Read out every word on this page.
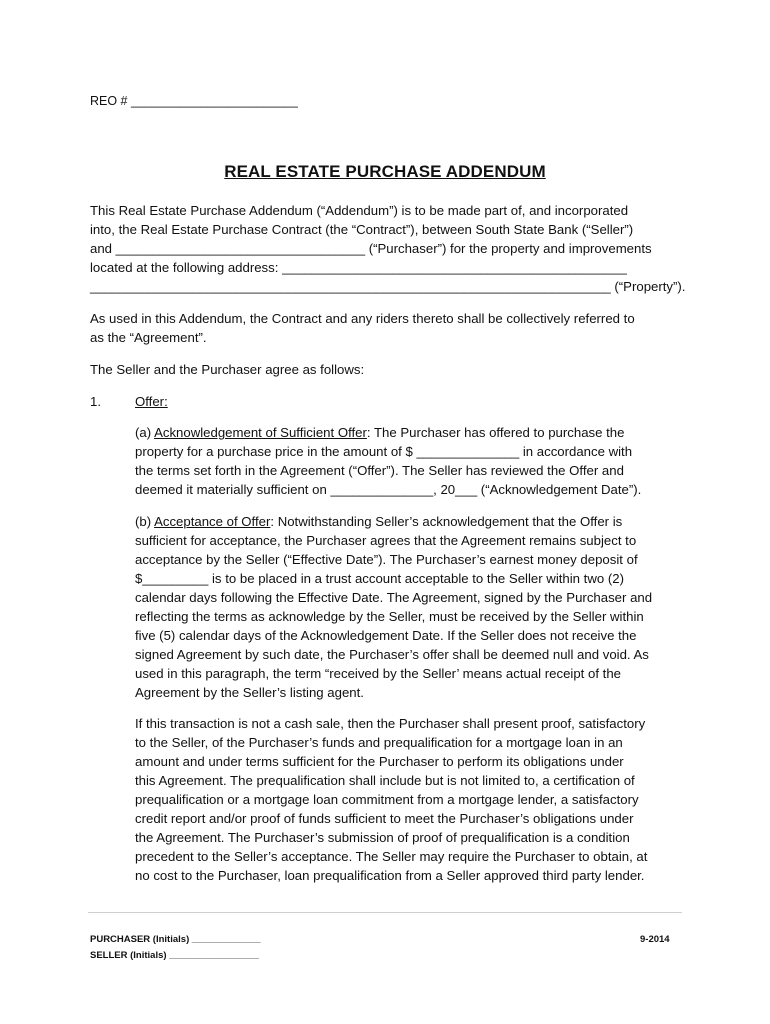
REO # ________________________
REAL ESTATE PURCHASE ADDENDUM
This Real Estate Purchase Addendum (“Addendum”) is to be made part of, and incorporated
into, the Real Estate Purchase Contract (the “Contract”), between South State Bank (“Seller”)
and __________________________________ (“Purchaser”) for the property and improvements
located at the following address: _______________________________________________
_______________________________________________________________________ (“Property”).
As used in this Addendum, the Contract and any riders thereto shall be collectively referred to
as the “Agreement”.
The Seller and the Purchaser agree as follows:
1.	Offer:
(a) Acknowledgement of Sufficient Offer: The Purchaser has offered to purchase the
property for a purchase price in the amount of $ ______________ in accordance with
the terms set forth in the Agreement (“Offer”). The Seller has reviewed the Offer and
deemed it materially sufficient on ______________, 20___ (“Acknowledgement Date”).
(b) Acceptance of Offer: Notwithstanding Seller’s acknowledgement that the Offer is
sufficient for acceptance, the Purchaser agrees that the Agreement remains subject to
acceptance by the Seller (“Effective Date”). The Purchaser’s earnest money deposit of
$_________ is to be placed in a trust account acceptable to the Seller within two (2)
calendar days following the Effective Date. The Agreement, signed by the Purchaser and
reflecting the terms as acknowledge by the Seller, must be received by the Seller within
five (5) calendar days of the Acknowledgement Date. If the Seller does not receive the
signed Agreement by such date, the Purchaser’s offer shall be deemed null and void. As
used in this paragraph, the term “received by the Seller’ means actual receipt of the
Agreement by the Seller’s listing agent.
If this transaction is not a cash sale, then the Purchaser shall present proof, satisfactory
to the Seller, of the Purchaser’s funds and prequalification for a mortgage loan in an
amount and under terms sufficient for the Purchaser to perform its obligations under
this Agreement. The prequalification shall include but is not limited to, a certification of
prequalification or a mortgage loan commitment from a mortgage lender, a satisfactory
credit report and/or proof of funds sufficient to meet the Purchaser’s obligations under
the Agreement. The Purchaser’s submission of proof of prequalification is a condition
precedent to the Seller’s acceptance. The Seller may require the Purchaser to obtain, at
no cost to the Purchaser, loan prequalification from a Seller approved third party lender.
PURCHASER (Initials) _____________
SELLER (Initials) _________________
9-2014
